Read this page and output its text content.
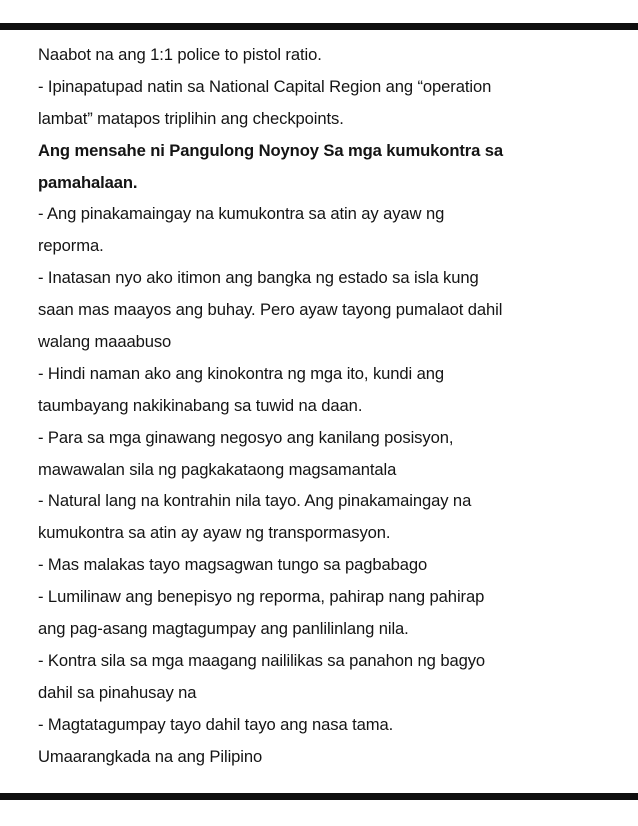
Naabot na ang 1:1 police to pistol ratio.
- Ipinapatupad natin sa National Capital Region ang “operation
lambat” matapos triplihin ang checkpoints.
Ang mensahe ni Pangulong Noynoy Sa mga kumukontra sa
pamahalaan.
- Ang pinakamaingay na kumukontra sa atin ay ayaw ng
reporma.
- Inatasan nyo ako itimon ang bangka ng estado sa isla kung
saan mas maayos ang buhay. Pero ayaw tayong pumalaot dahil
walang maaabuso
- Hindi naman ako ang kinokontra ng mga ito, kundi ang
taumbayang nakikinabang sa tuwid na daan.
- Para sa mga ginawang negosyo ang kanilang posisyon,
mawawalan sila ng pagkakataong magsamantala
- Natural lang na kontrahin nila tayo. Ang pinakamaingay na
kumukontra sa atin ay ayaw ng transpormasyon.
- Mas malakas tayo magsagwan tungo sa pagbabago
- Lumilinaw ang benepisyo ng reporma, pahirap nang pahirap
ang pag-asang magtagumpay ang panlilinlang nila.
- Kontra sila sa mga maagang naililikas sa panahon ng bagyo
dahil sa pinahusay na
- Magtatagumpay tayo dahil tayo ang nasa tama.
Umaarangkada na ang Pilipino
